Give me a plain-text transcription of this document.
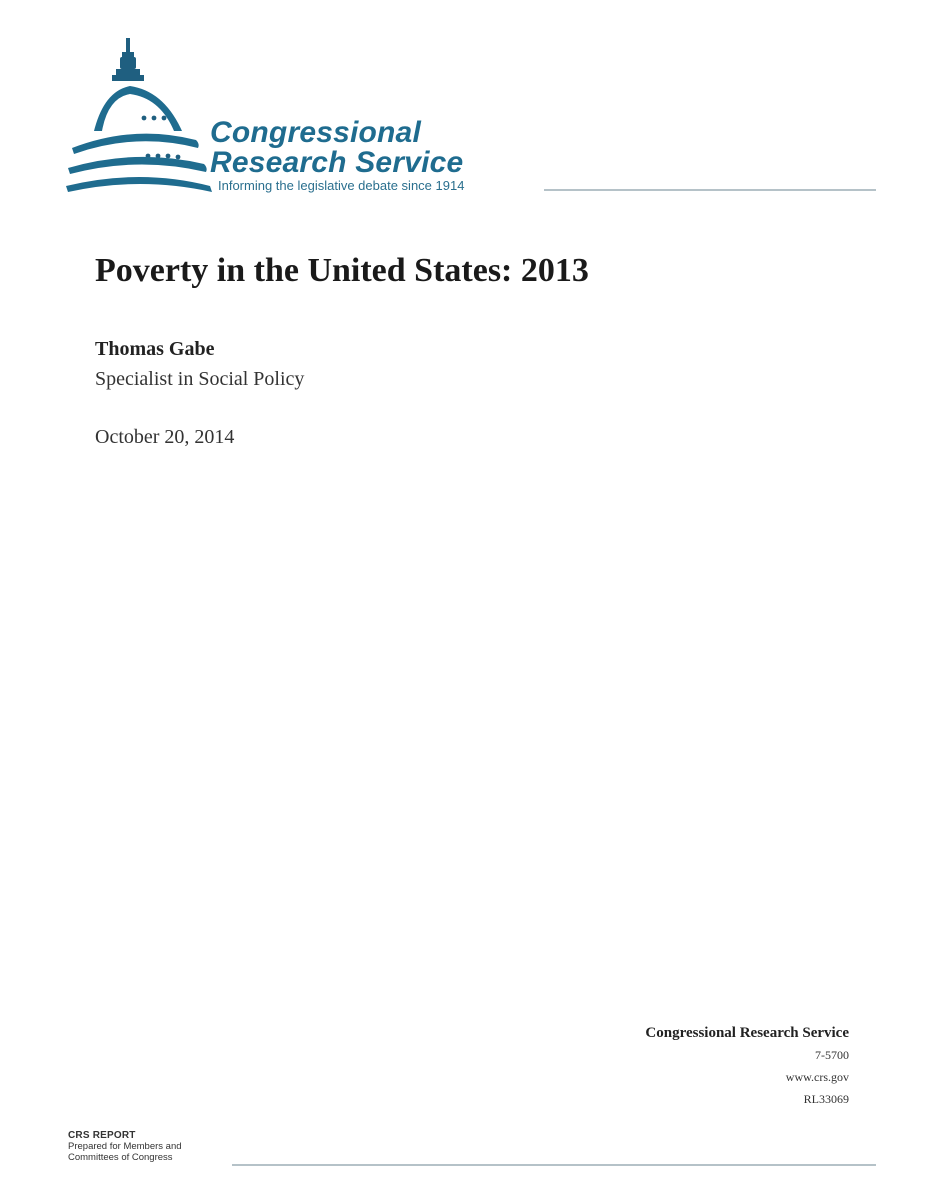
Congressional
Research Service
Informing the legislative debate since 1914
Poverty in the United States: 2013
Thomas Gabe
Specialist in Social Policy
October 20, 2014
Congressional Research Service
7-5700
www.crs.gov
RL33069
CRS REPORT
Prepared for Members and
Committees of Congress
